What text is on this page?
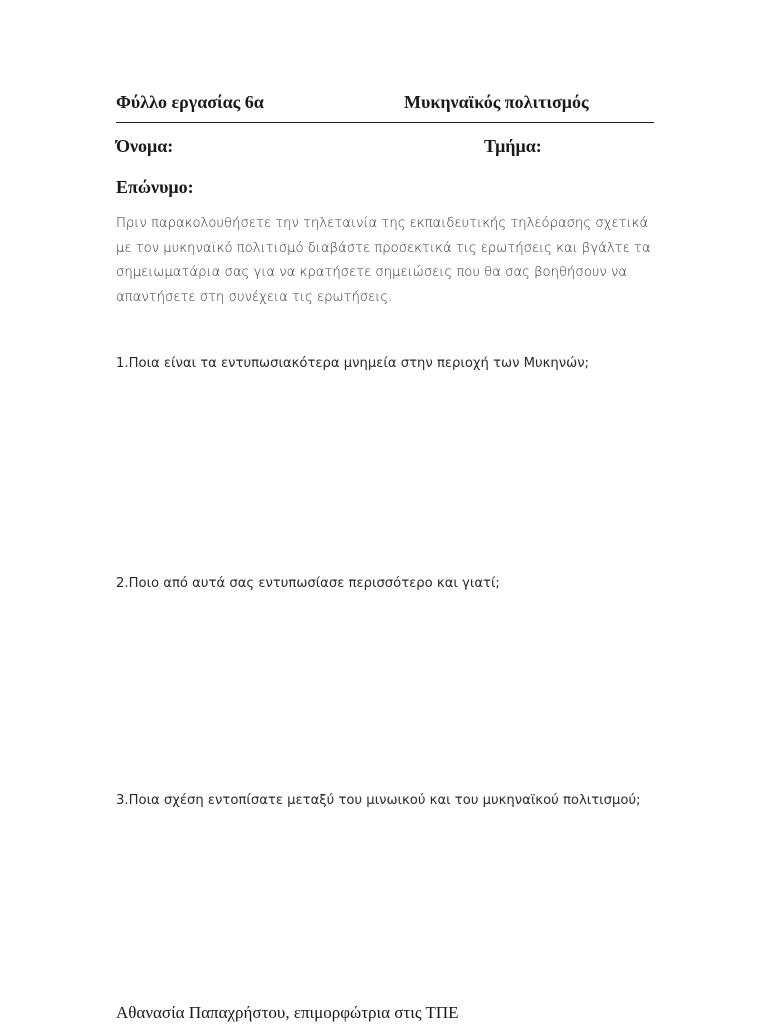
Φύλλο εργασίας 6α	Μυκηναϊκός πολιτισμός
Όνομα:	Τμήμα:
Επώνυμο:
Πριν παρακολουθήσετε την τηλεταινία της εκπαιδευτικής τηλεόρασης σχετικά
με τον μυκηναϊκό πολιτισμό διαβάστε προσεκτικά τις ερωτήσεις και βγάλτε τα
σημειωματάρια σας για να κρατήσετε σημειώσεις που θα σας βοηθήσουν να
απαντήσετε στη συνέχεια τις ερωτήσεις.
1.Ποια είναι τα εντυπωσιακότερα μνημεία στην περιοχή των Μυκηνών;
2.Ποιο από αυτά σας εντυπωσίασε περισσότερο και γιατί;
3.Ποια σχέση εντοπίσατε μεταξύ του μινωικού και του μυκηναϊκού πολιτισμού;
Αθανασία Παπαχρήστου, επιμορφώτρια στις ΤΠΕ
